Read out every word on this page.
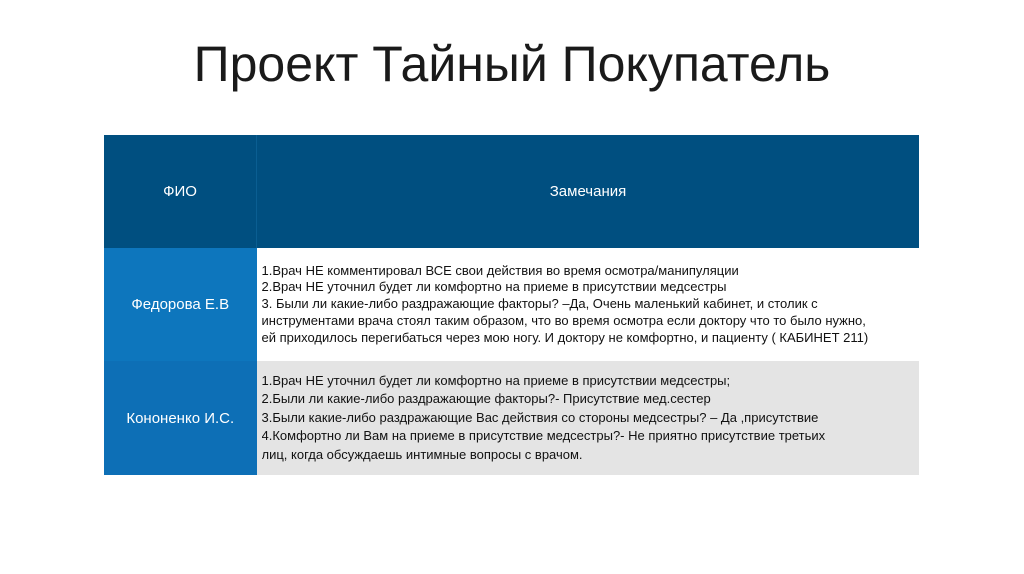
Проект Тайный Покупатель
ФИО	Замечания
Федорова Е.В	1.Врач НЕ комментировал ВСЕ свои действия во время осмотра/манипуляции
2.Врач НЕ уточнил будет ли комфортно на приеме в присутствии медсестры
3. Были ли какие-либо раздражающие факторы? –Да, Очень маленький кабинет, и столик с
инструментами врача стоял таким образом, что во время осмотра если доктору что то было нужно,
ей приходилось перегибаться через мою ногу. И доктору не комфортно, и пациенту ( КАБИНЕТ 211)

Кононенко И.С.	1.Врач НЕ уточнил будет ли комфортно на приеме в присутствии медсестры;
2.Были ли какие-либо раздражающие факторы?- Присутствие мед.сестер
3.Были какие-либо раздражающие Вас действия со стороны медсестры? – Да ,присутствие
4.Комфортно ли Вам на приеме в присутствие медсестры?- Не приятно присутствие третьих
лиц, когда обсуждаешь интимные вопросы с врачом.
